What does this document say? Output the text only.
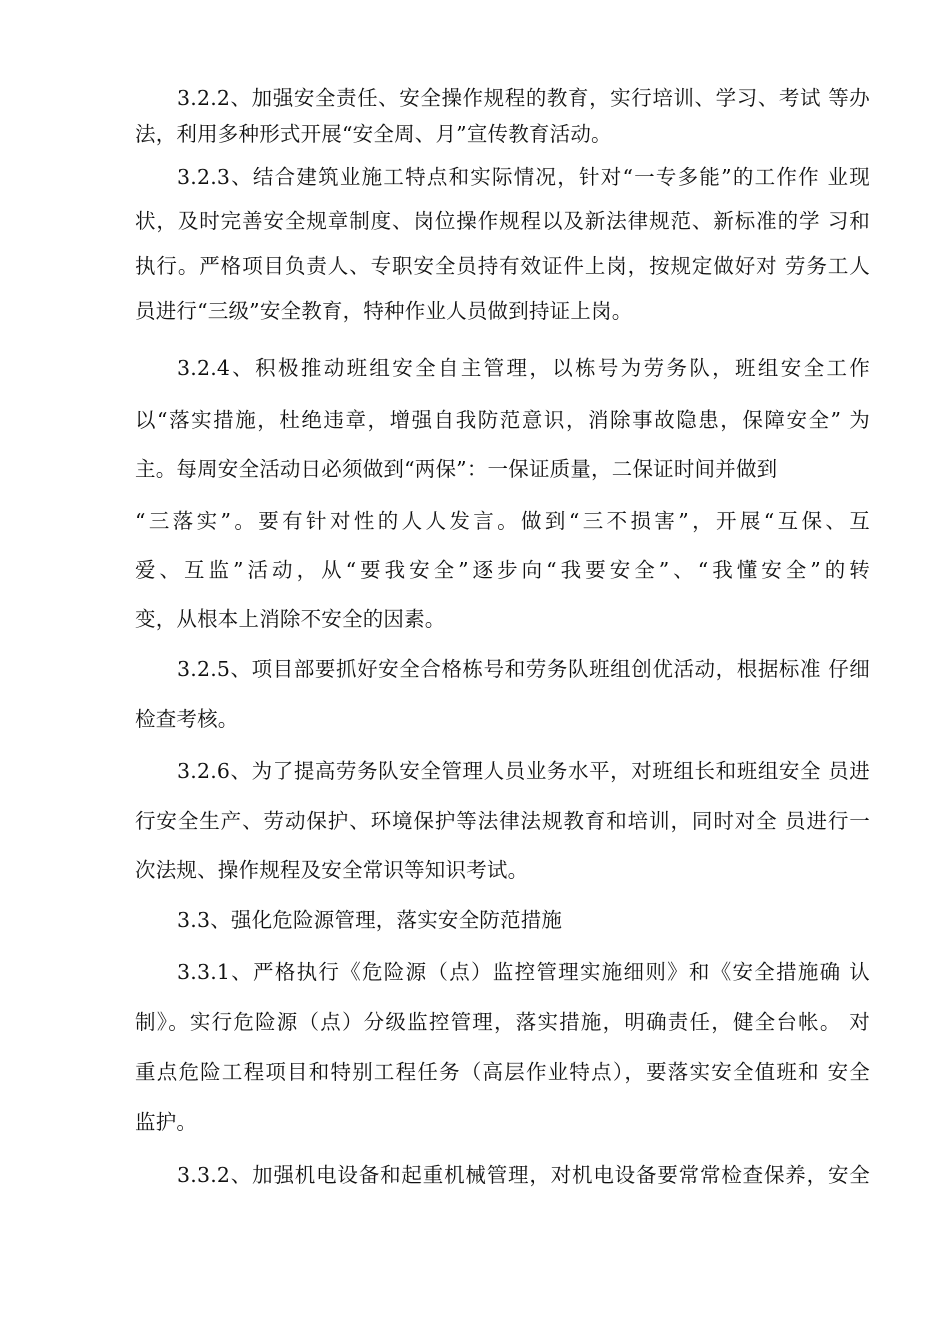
3.2.2、加强安全责任、安全操作规程的教育，实行培训、学习、考试 等办
法，利用多种形式开展“安全周、月”宣传教育活动。
3.2.3、结合建筑业施工特点和实际情况，针对“一专多能”的工作作 业现
状，及时完善安全规章制度、岗位操作规程以及新法律规范、新标准的学 习和
执行。严格项目负责人、专职安全员持有效证件上岗，按规定做好对 劳务工人
员进行“三级”安全教育，特种作业人员做到持证上岗。
3.2.4、积极推动班组安全自主管理，以栋号为劳务队，班组安全工作
以“落实措施，杜绝违章，增强自我防范意识，消除事故隐患，保障安全” 为
主。每周安全活动日必须做到“两保”：一保证质量，二保证时间并做到
“三落实”。要有针对性的人人发言。做到“三不损害”，开展“互保、互
爱、互监”活动，从“要我安全”逐步向“我要安全”、“我懂安全”的转
变，从根本上消除不安全的因素。
3.2.5、项目部要抓好安全合格栋号和劳务队班组创优活动，根据标准 仔细
检查考核。
3.2.6、为了提高劳务队安全管理人员业务水平，对班组长和班组安全 员进
行安全生产、劳动保护、环境保护等法律法规教育和培训，同时对全 员进行一
次法规、操作规程及安全常识等知识考试。
3.3、强化危险源管理，落实安全防范措施
3.3.1、严格执行《危险源（点）监控管理实施细则》和《安全措施确 认
制》。实行危险源（点）分级监控管理，落实措施，明确责任，健全台帐。 对
重点危险工程项目和特别工程任务（高层作业特点），要落实安全值班和 安全
监护。
3.3.2、加强机电设备和起重机械管理，对机电设备要常常检查保养，安全
